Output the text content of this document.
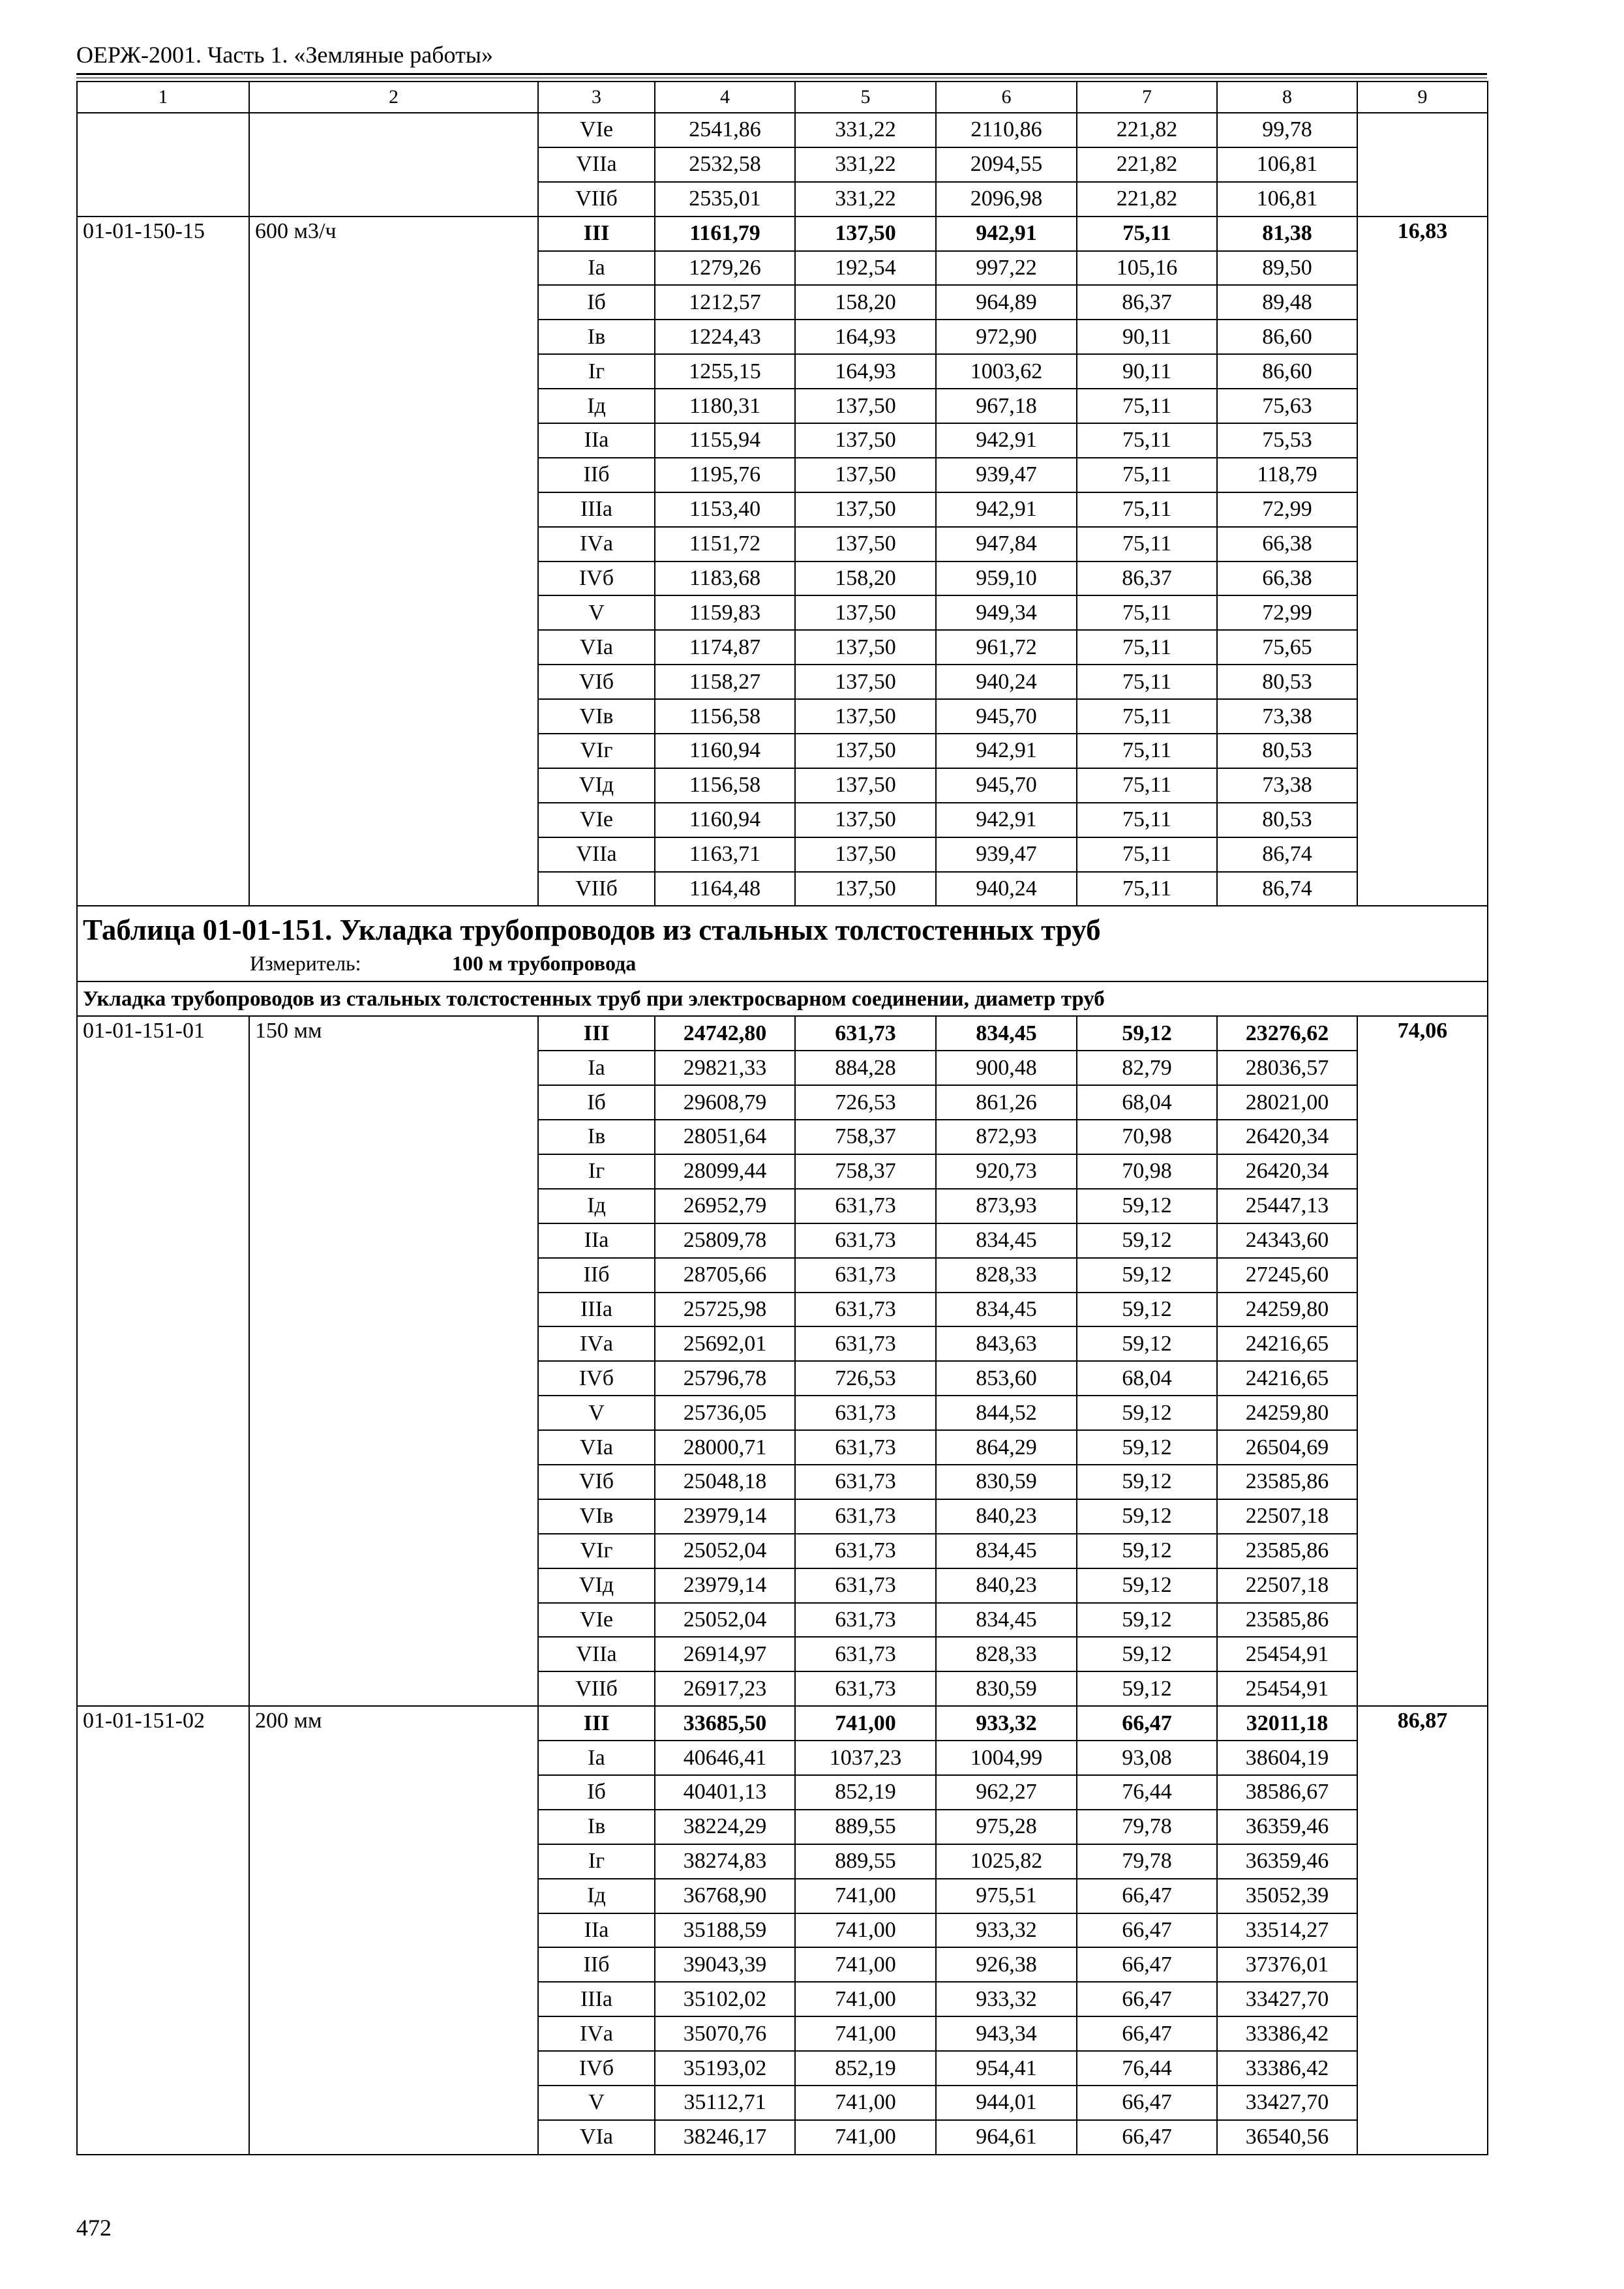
ОЕРЖ-2001. Часть 1. «Земляные работы»
1	2	3	4	5	6	7	8	9
		VIе	2541,86	331,22	2110,86	221,82	99,78	
		VIIа	2532,58	331,22	2094,55	221,82	106,81	
		VIIб	2535,01	331,22	2096,98	221,82	106,81	
01-01-150-15	600 м3/ч	III	1161,79	137,50	942,91	75,11	81,38	16,83
		Iа	1279,26	192,54	997,22	105,16	89,50	
		Iб	1212,57	158,20	964,89	86,37	89,48	
		Iв	1224,43	164,93	972,90	90,11	86,60	
		Iг	1255,15	164,93	1003,62	90,11	86,60	
		Iд	1180,31	137,50	967,18	75,11	75,63	
		IIа	1155,94	137,50	942,91	75,11	75,53	
		IIб	1195,76	137,50	939,47	75,11	118,79	
		IIIа	1153,40	137,50	942,91	75,11	72,99	
		IVа	1151,72	137,50	947,84	75,11	66,38	
		IVб	1183,68	158,20	959,10	86,37	66,38	
		V	1159,83	137,50	949,34	75,11	72,99	
		VIа	1174,87	137,50	961,72	75,11	75,65	
		VIб	1158,27	137,50	940,24	75,11	80,53	
		VIв	1156,58	137,50	945,70	75,11	73,38	
		VIг	1160,94	137,50	942,91	75,11	80,53	
		VIд	1156,58	137,50	945,70	75,11	73,38	
		VIе	1160,94	137,50	942,91	75,11	80,53	
		VIIа	1163,71	137,50	939,47	75,11	86,74	
		VIIб	1164,48	137,50	940,24	75,11	86,74	

Таблица 01-01-151. Укладка трубопроводов из стальных толстостенных труб
Измеритель: 100 м трубопровода								

Укладка трубопроводов из стальных толстостенных труб при электросварном соединении, диаметр труб								
01-01-151-01	150 мм	III	24742,80	631,73	834,45	59,12	23276,62	74,06
		Iа	29821,33	884,28	900,48	82,79	28036,57	
		Iб	29608,79	726,53	861,26	68,04	28021,00	
		Iв	28051,64	758,37	872,93	70,98	26420,34	
		Iг	28099,44	758,37	920,73	70,98	26420,34	
		Iд	26952,79	631,73	873,93	59,12	25447,13	
		IIа	25809,78	631,73	834,45	59,12	24343,60	
		IIб	28705,66	631,73	828,33	59,12	27245,60	
		IIIа	25725,98	631,73	834,45	59,12	24259,80	
		IVа	25692,01	631,73	843,63	59,12	24216,65	
		IVб	25796,78	726,53	853,60	68,04	24216,65	
		V	25736,05	631,73	844,52	59,12	24259,80	
		VIа	28000,71	631,73	864,29	59,12	26504,69	
		VIб	25048,18	631,73	830,59	59,12	23585,86	
		VIв	23979,14	631,73	840,23	59,12	22507,18	
		VIг	25052,04	631,73	834,45	59,12	23585,86	
		VIд	23979,14	631,73	840,23	59,12	22507,18	
		VIе	25052,04	631,73	834,45	59,12	23585,86	
		VIIа	26914,97	631,73	828,33	59,12	25454,91	
		VIIб	26917,23	631,73	830,59	59,12	25454,91	
01-01-151-02	200 мм	III	33685,50	741,00	933,32	66,47	32011,18	86,87
		Iа	40646,41	1037,23	1004,99	93,08	38604,19	
		Iб	40401,13	852,19	962,27	76,44	38586,67	
		Iв	38224,29	889,55	975,28	79,78	36359,46	
		Iг	38274,83	889,55	1025,82	79,78	36359,46	
		Iд	36768,90	741,00	975,51	66,47	35052,39	
		IIа	35188,59	741,00	933,32	66,47	33514,27	
		IIб	39043,39	741,00	926,38	66,47	37376,01	
		IIIа	35102,02	741,00	933,32	66,47	33427,70	
		IVа	35070,76	741,00	943,34	66,47	33386,42	
		IVб	35193,02	852,19	954,41	76,44	33386,42	
		V	35112,71	741,00	944,01	66,47	33427,70	
		VIа	38246,17	741,00	964,61	66,47	36540,56	
472
